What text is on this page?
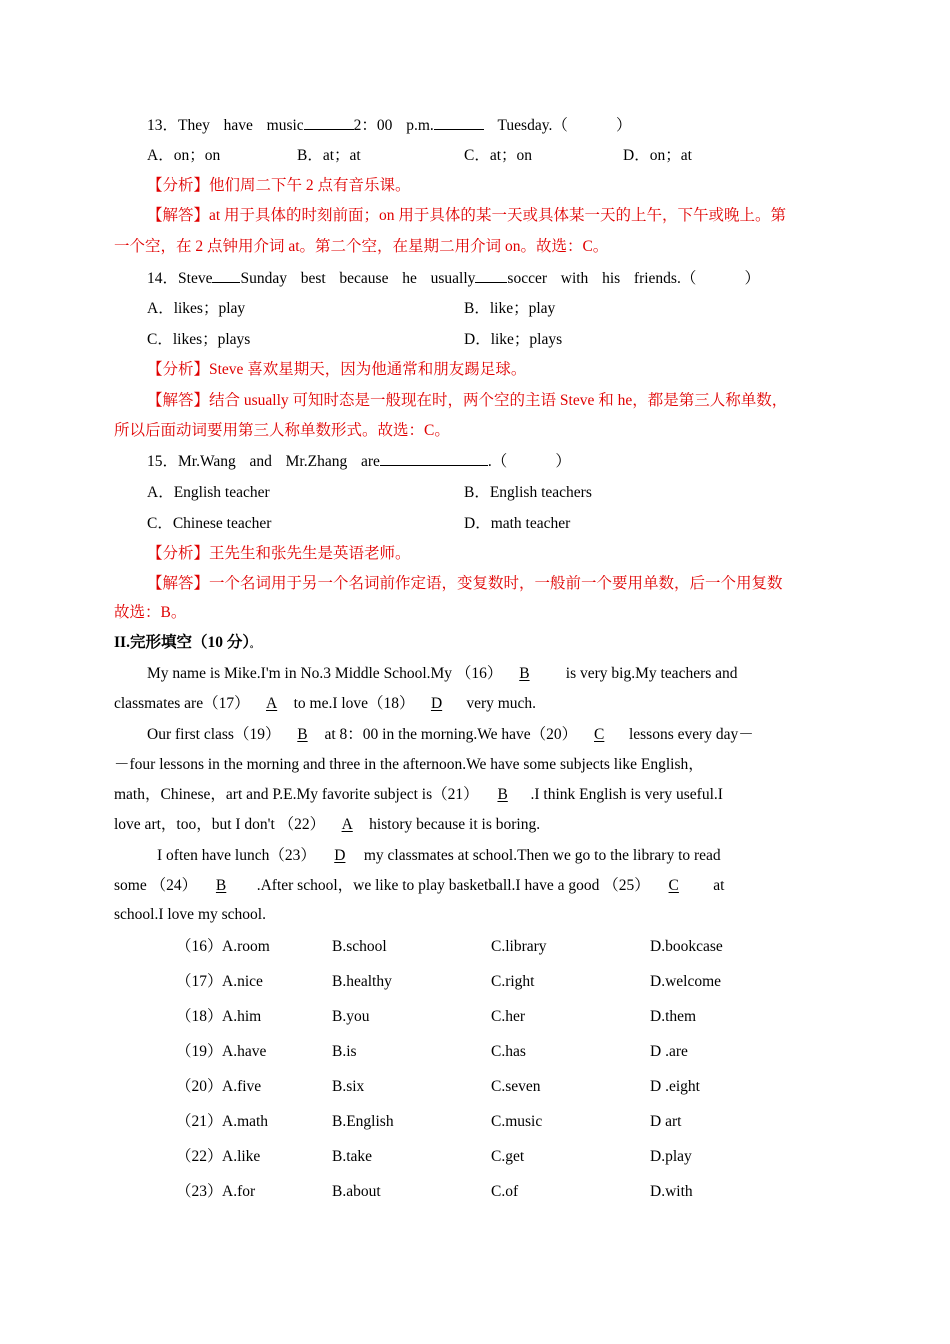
13．They have music	2：00 p.m.	Tuesday.（	）
A．on；on	B．at；at	C．at；on	D．on；at
【分析】他们周二下午 2 点有音乐课。
【解答】at 用于具体的时刻前面；on 用于具体的某一天或具体某一天的上午，下午或晚上。第
一个空，在 2 点钟用介词 at。第二个空，在星期二用介词 on。故选：C。
14．Steve Sunday best because he usually soccer with his friends.（	）
A．likes；play	B．like；play
C．likes；plays	D．like；plays
【分析】Steve 喜欢星期天，因为他通常和朋友踢足球。
【解答】结合 usually 可知时态是一般现在时，两个空的主语 Steve 和 he，都是第三人称单数，
所以后面动词要用第三人称单数形式。故选：C。
15．Mr.Wang and Mr.Zhang are	.（	）
A．English teacher	B．English teachers
C．Chinese teacher	D．math teacher
【分析】王先生和张先生是英语老师。
【解答】一个名词用于另一个名词前作定语，变复数时，一般前一个要用单数，后一个用复数
故选：B。
II.完形填空（10 分）。
My name is Mike.I'm in No.3 Middle School.My （16） B is very big.My teachers and
classmates are（17） A to me.I love（18） D very much.
Our first class（19） B at 8：00 in the morning.We have（20） C lessons every day－
－four lessons in the morning and three in the afternoon.We have some subjects like English，
math，Chinese，art and P.E.My favorite subject is（21） B .I think English is very useful.I
love art，too，but I don't （22） A history because it is boring.
I often have lunch（23） D my classmates at school.Then we go to the library to read
some （24） B .After school，we like to play basketball.I have a good （25） C at
school.I love my school.
（16） A.room	B.school	C.library	D.bookcase
（17） A.nice	B.healthy	C.right	D.welcome
（18） A.him	B.you	C.her	D.them
（19） A.have	B.is	C.has	D .are
（20） A.five	B.six	C.seven	D .eight
（21） A.math	B.English	C.music	D art
（22） A.like	B.take	C.get	D.play
（23） A.for	B.about	C.of	D.with
